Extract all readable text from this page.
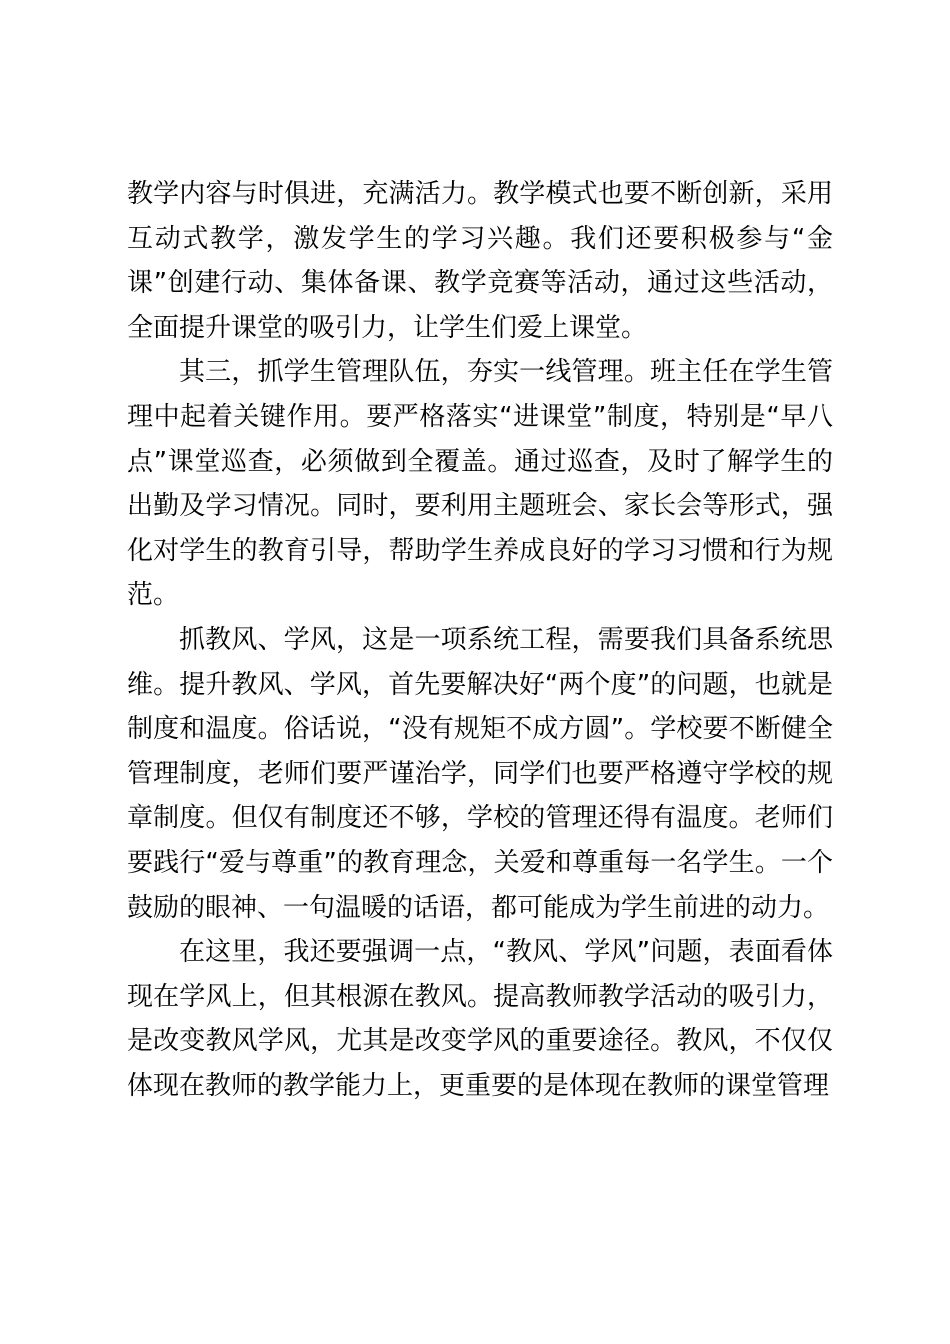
教学内容与时俱进，充满活力。教学模式也要不断创新，采用互动式教学，激发学生的学习兴趣。我们还要积极参与“金课”创建行动、集体备课、教学竞赛等活动，通过这些活动，全面提升课堂的吸引力，让学生们爱上课堂。

其三，抓学生管理队伍，夯实一线管理。班主任在学生管理中起着关键作用。要严格落实“进课堂”制度，特别是“早八点”课堂巡查，必须做到全覆盖。通过巡查，及时了解学生的出勤及学习情况。同时，要利用主题班会、家长会等形式，强化对学生的教育引导，帮助学生养成良好的学习习惯和行为规范。

抓教风、学风，这是一项系统工程，需要我们具备系统思维。提升教风、学风，首先要解决好“两个度”的问题，也就是制度和温度。俗话说，“没有规矩不成方圆”。学校要不断健全管理制度，老师们要严谨治学，同学们也要严格遵守学校的规章制度。但仅有制度还不够，学校的管理还得有温度。老师们要践行“爱与尊重”的教育理念，关爱和尊重每一名学生。一个鼓励的眼神、一句温暖的话语，都可能成为学生前进的动力。

在这里，我还要强调一点，“教风、学风”问题，表面看体现在学风上，但其根源在教风。提高教师教学活动的吸引力，是改变教风学风，尤其是改变学风的重要途径。教风，不仅仅体现在教师的教学能力上，更重要的是体现在教师的课堂管理
